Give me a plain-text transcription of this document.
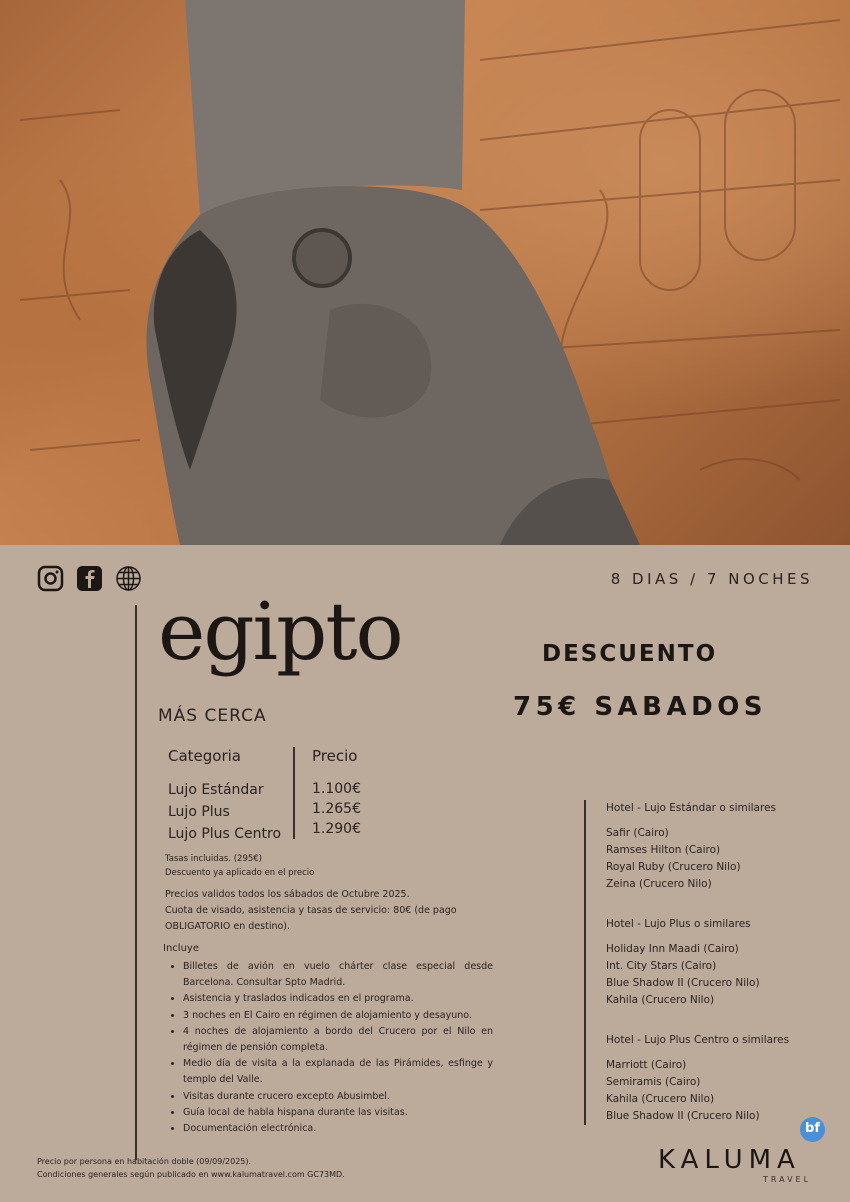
8 DIAS / 7 NOCHES
egipto
MÁS CERCA
DESCUENTO
75€ SABADOS
Categoria
Lujo Estándar
Lujo Plus
Lujo Plus Centro
Precio
1.100€
1.265€
1.290€
Tasas incluidas. (295€)
Descuento ya aplicado en el precio
Precios validos todos los sábados de Octubre 2025.
Cuota de visado, asistencia y tasas de servicio: 80€ (de pago OBLIGATORIO en destino).
Incluye
• Billetes de avión en vuelo chárter clase especial desde Barcelona. Consultar Spto Madrid.
• Asistencia y traslados indicados en el programa.
• 3 noches en El Cairo en régimen de alojamiento y desayuno.
• 4 noches de alojamiento a bordo del Crucero por el Nilo en régimen de pensión completa.
• Medio día de visita a la explanada de las Pirámides, esfinge y templo del Valle.
• Visitas durante crucero excepto Abusimbel.
• Guía local de habla hispana durante las visitas.
• Documentación electrónica.
Hotel - Lujo Estándar o similares
Safir (Cairo)
Ramses Hilton (Cairo)
Royal Ruby (Crucero Nilo)
Zeina (Crucero Nilo)
Hotel - Lujo Plus o similares
Holiday Inn Maadi (Cairo)
Int. City Stars (Cairo)
Blue Shadow II (Crucero Nilo)
Kahila (Crucero Nilo)
Hotel - Lujo Plus Centro o similares
Marriott (Cairo)
Semiramis (Cairo)
Kahila (Crucero Nilo)
Blue Shadow II (Crucero Nilo)
Precio por persona en habitación doble (09/09/2025).
Condiciones generales según publicado en www.kalumatravel.com GC73MD.
bf
KALUMA
TRAVEL
